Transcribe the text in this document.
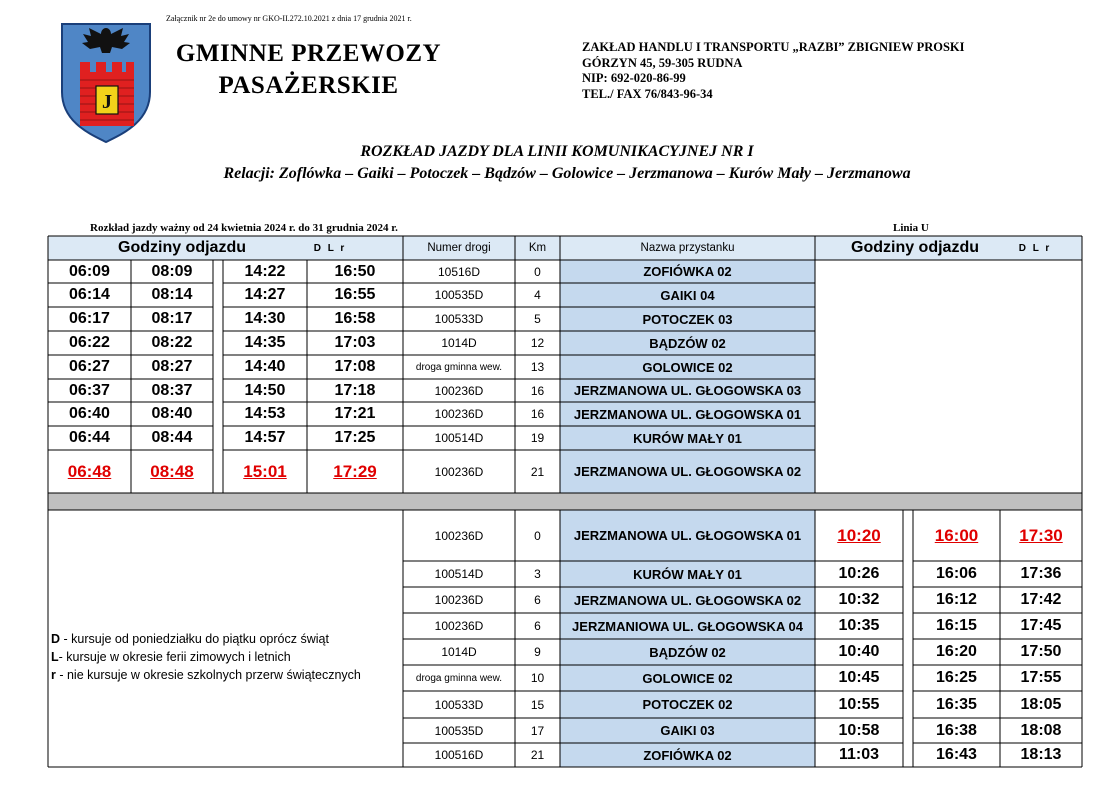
J
Załącznik nr 2e do umowy nr GKO-II.272.10.2021 z dnia 17 grudnia 2021 r.
GMINNE PRZEWOZY
PASAŻERSKIE
ZAKŁAD HANDLU I TRANSPORTU „RAZBI” ZBIGNIEW PROSKI
GÓRZYN 45, 59-305 RUDNA
NIP: 692-020-86-99
TEL./ FAX 76/843-96-34
ROZKŁAD JAZDY DLA LINII KOMUNIKACYJNEJ NR I
Relacji: Zoflówka – Gaiki – Potoczek – Bądzów – Golowice – Jerzmanowa – Kurów Mały – Jerzmanowa
Rozkład jazdy ważny od 24 kwietnia 2024 r. do 31 grudnia 2024 r.	Linia U
Godziny odjazdu	D L r	Numer drogi	Km	Nazwa przystanku	Godziny odjazdu	D L r
06:09	08:09	14:22	16:50	10516D	0	ZOFIÓWKA 02
06:14	08:14	14:27	16:55	100535D	4	GAIKI 04
06:17	08:17	14:30	16:58	100533D	5	POTOCZEK 03
06:22	08:22	14:35	17:03	1014D	12	BĄDZÓW 02
06:27	08:27	14:40	17:08	droga gminna wew.	13	GOLOWICE 02
06:37	08:37	14:50	17:18	100236D	16	JERZMANOWA UL. GŁOGOWSKA 03
06:40	08:40	14:53	17:21	100236D	16	JERZMANOWA UL. GŁOGOWSKA 01
06:44	08:44	14:57	17:25	100514D	19	KURÓW MAŁY 01
06:48	08:48	15:01	17:29	100236D	21	JERZMANOWA UL. GŁOGOWSKA 02
100236D	0	JERZMANOWA UL. GŁOGOWSKA 01	10:20	16:00	17:30
100514D	3	KURÓW MAŁY 01	10:26	16:06	17:36
100236D	6	JERZMANOWA UL. GŁOGOWSKA 02	10:32	16:12	17:42
100236D	6	JERZMANIOWA UL. GŁOGOWSKA 04	10:35	16:15	17:45
1014D	9	BĄDZÓW 02	10:40	16:20	17:50
droga gminna wew.	10	GOLOWICE 02	10:45	16:25	17:55
100533D	15	POTOCZEK 02	10:55	16:35	18:05
100535D	17	GAIKI 03	10:58	16:38	18:08
100516D	21	ZOFIÓWKA 02	11:03	16:43	18:13
D - kursuje od poniedziałku do piątku oprócz świąt
L- kursuje w okresie ferii zimowych i letnich
r - nie kursuje w okresie szkolnych przerw świątecznych
